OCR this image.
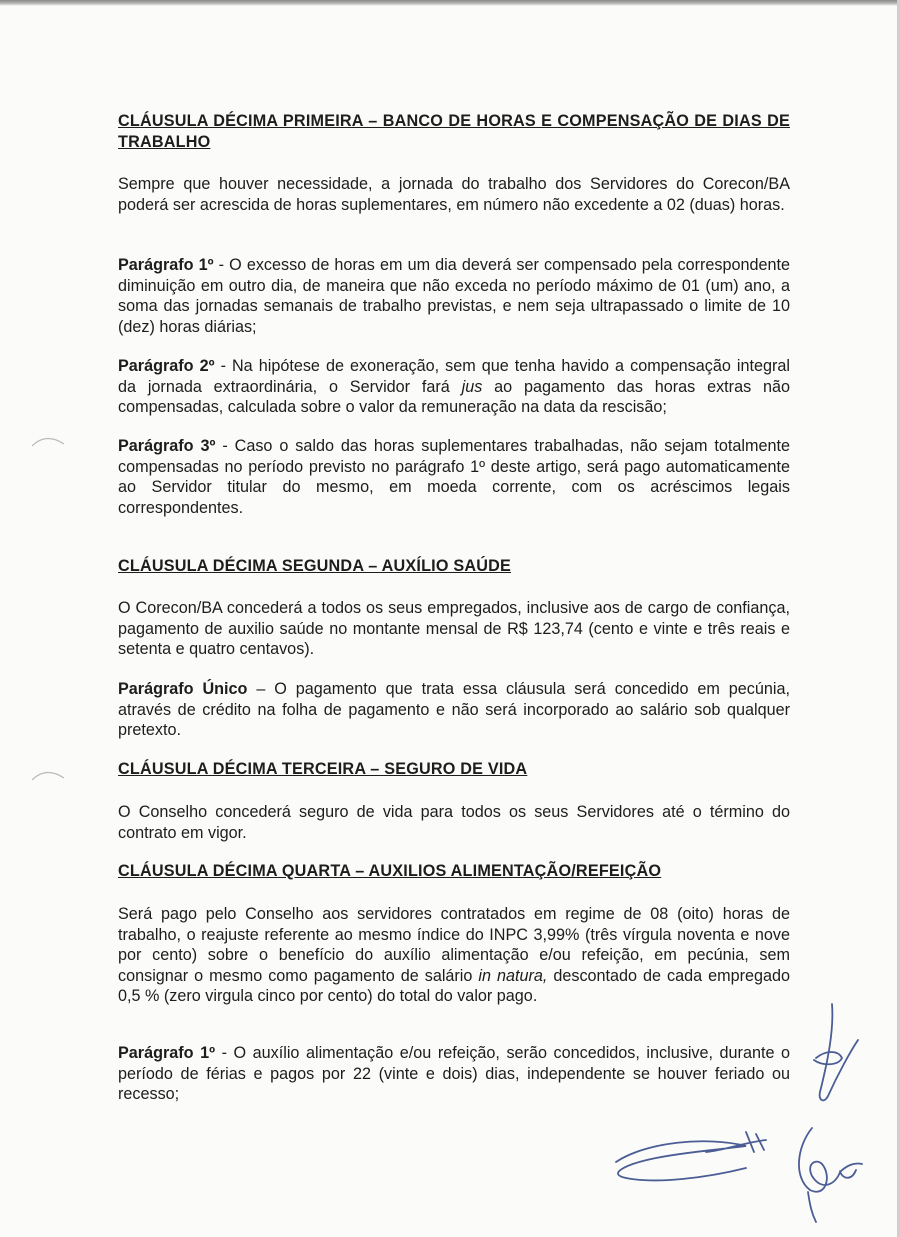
CLÁUSULA DÉCIMA PRIMEIRA – BANCO DE HORAS E COMPENSAÇÃO DE DIAS DE TRABALHO

Sempre que houver necessidade, a jornada do trabalho dos Servidores do Corecon/BA poderá ser acrescida de horas suplementares, em número não excedente a 02 (duas) horas.

Parágrafo 1º - O excesso de horas em um dia deverá ser compensado pela correspondente diminuição em outro dia, de maneira que não exceda no período máximo de 01 (um) ano, a soma das jornadas semanais de trabalho previstas, e nem seja ultrapassado o limite de 10 (dez) horas diárias;

Parágrafo 2º - Na hipótese de exoneração, sem que tenha havido a compensação integral da jornada extraordinária, o Servidor fará jus ao pagamento das horas extras não compensadas, calculada sobre o valor da remuneração na data da rescisão;

Parágrafo 3º - Caso o saldo das horas suplementares trabalhadas, não sejam totalmente compensadas no período previsto no parágrafo 1º deste artigo, será pago automaticamente ao Servidor titular do mesmo, em moeda corrente, com os acréscimos legais correspondentes.

CLÁUSULA DÉCIMA SEGUNDA – AUXÍLIO SAÚDE

O Corecon/BA concederá a todos os seus empregados, inclusive aos de cargo de confiança, pagamento de auxilio saúde no montante mensal de R$ 123,74 (cento e vinte e três reais e setenta e quatro centavos).

Parágrafo Único – O pagamento que trata essa cláusula será concedido em pecúnia, através de crédito na folha de pagamento e não será incorporado ao salário sob qualquer pretexto.

CLÁUSULA DÉCIMA TERCEIRA – SEGURO DE VIDA

O Conselho concederá seguro de vida para todos os seus Servidores até o término do contrato em vigor.

CLÁUSULA DÉCIMA QUARTA – AUXILIOS ALIMENTAÇÃO/REFEIÇÃO

Será pago pelo Conselho aos servidores contratados em regime de 08 (oito) horas de trabalho, o reajuste referente ao mesmo índice do INPC 3,99% (três vírgula noventa e nove por cento) sobre o benefício do auxílio alimentação e/ou refeição, em pecúnia, sem consignar o mesmo como pagamento de salário in natura, descontado de cada empregado 0,5 % (zero virgula cinco por cento) do total do valor pago.

Parágrafo 1º - O auxílio alimentação e/ou refeição, serão concedidos, inclusive, durante o período de férias e pagos por 22 (vinte e dois) dias, independente se houver feriado ou recesso;
